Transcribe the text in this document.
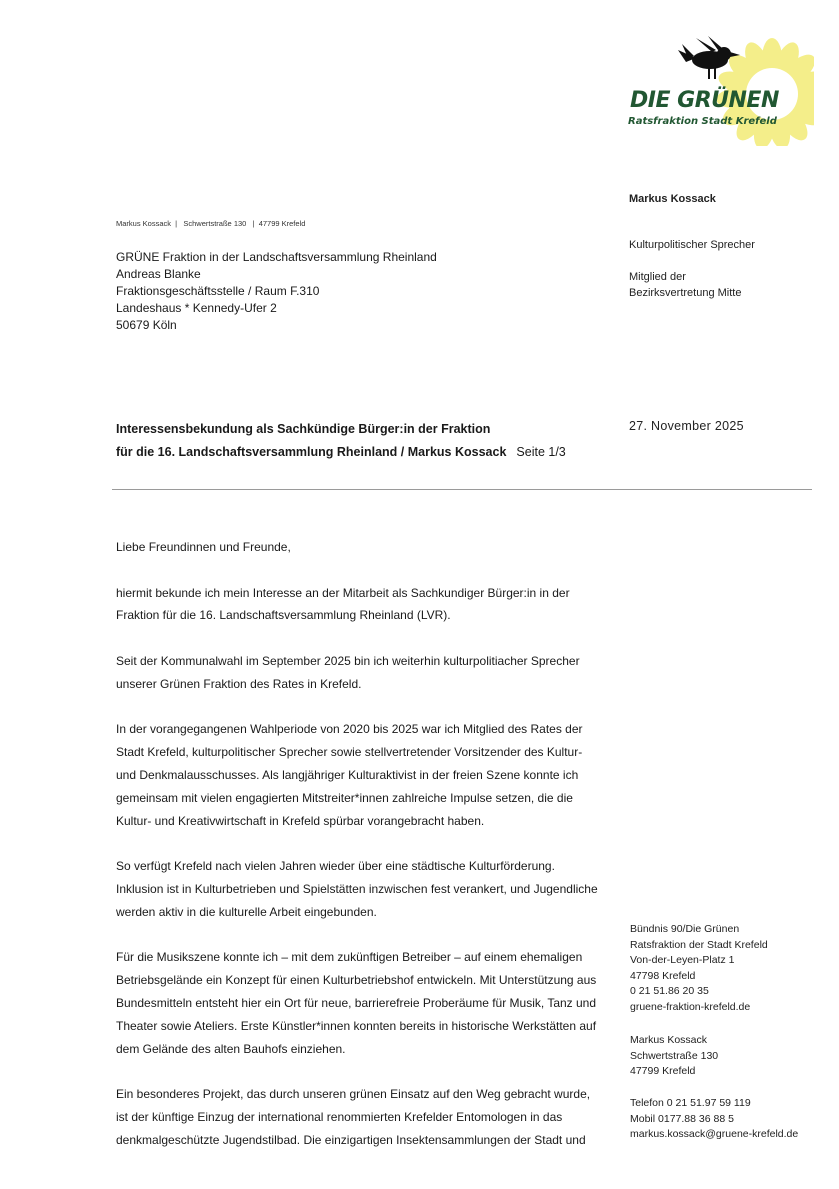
DIE GRÜNEN
Ratsfraktion Stadt Krefeld
Markus Kossack
Kulturpolitischer Sprecher
Mitglied der
Bezirksvertretung Mitte
27. November 2025
Markus Kossack  |   Schwertstraße 130   |  47799 Krefeld
GRÜNE Fraktion in der Landschaftsversammlung Rheinland
Andreas Blanke
Fraktionsgeschäftsstelle / Raum F.310
Landeshaus * Kennedy-Ufer 2
50679 Köln
Interessensbekundung als Sachkündige Bürger:in der Fraktion
für die 16. Landschaftsversammlung Rheinland / Markus Kossack Seite 1/3

Liebe Freundinnen und Freunde,

hiermit bekunde ich mein Interesse an der Mitarbeit als Sachkundiger Bürger:in in der Fraktion für die 16. Landschaftsversammlung Rheinland (LVR).

Seit der Kommunalwahl im September 2025 bin ich weiterhin kulturpolitiacher Sprecher unserer Grünen Fraktion des Rates in Krefeld.

In der vorangegangenen Wahlperiode von 2020 bis 2025 war ich Mitglied des Rates der Stadt Krefeld, kulturpolitischer Sprecher sowie stellvertretender Vorsitzender des Kultur- und Denkmalausschusses. Als langjähriger Kulturaktivist in der freien Szene konnte ich gemeinsam mit vielen engagierten Mitstreiter*innen zahlreiche Impulse setzen, die die Kultur- und Kreativwirtschaft in Krefeld spürbar vorangebracht haben.

So verfügt Krefeld nach vielen Jahren wieder über eine städtische Kulturförderung. Inklusion ist in Kulturbetrieben und Spielstätten inzwischen fest verankert, und Jugendliche werden aktiv in die kulturelle Arbeit eingebunden.

Für die Musikszene konnte ich – mit dem zukünftigen Betreiber – auf einem ehemaligen Betriebsgelände ein Konzept für einen Kulturbetriebshof entwickeln. Mit Unterstützung aus Bundesmitteln entsteht hier ein Ort für neue, barrierefreie Proberäume für Musik, Tanz und Theater sowie Ateliers. Erste Künstler*innen konnten bereits in historische Werkstätten auf dem Gelände des alten Bauhofs einziehen.

Ein besonderes Projekt, das durch unseren grünen Einsatz auf den Weg gebracht wurde, ist der künftige Einzug der international renommierten Krefelder Entomologen in das denkmalgeschützte Jugendstilbad. Die einzigartigen Insektensammlungen der Stadt und

Bündnis 90/Die Grünen
Ratsfraktion der Stadt Krefeld
Von-der-Leyen-Platz 1
47798 Krefeld
0 21 51.86 20 35
gruene-fraktion-krefeld.de
Markus Kossack
Schwertstraße 130
47799 Krefeld
Telefon 0 21 51.97 59 119
Mobil 0177.88 36 88 5
markus.kossack@gruene-krefeld.de
